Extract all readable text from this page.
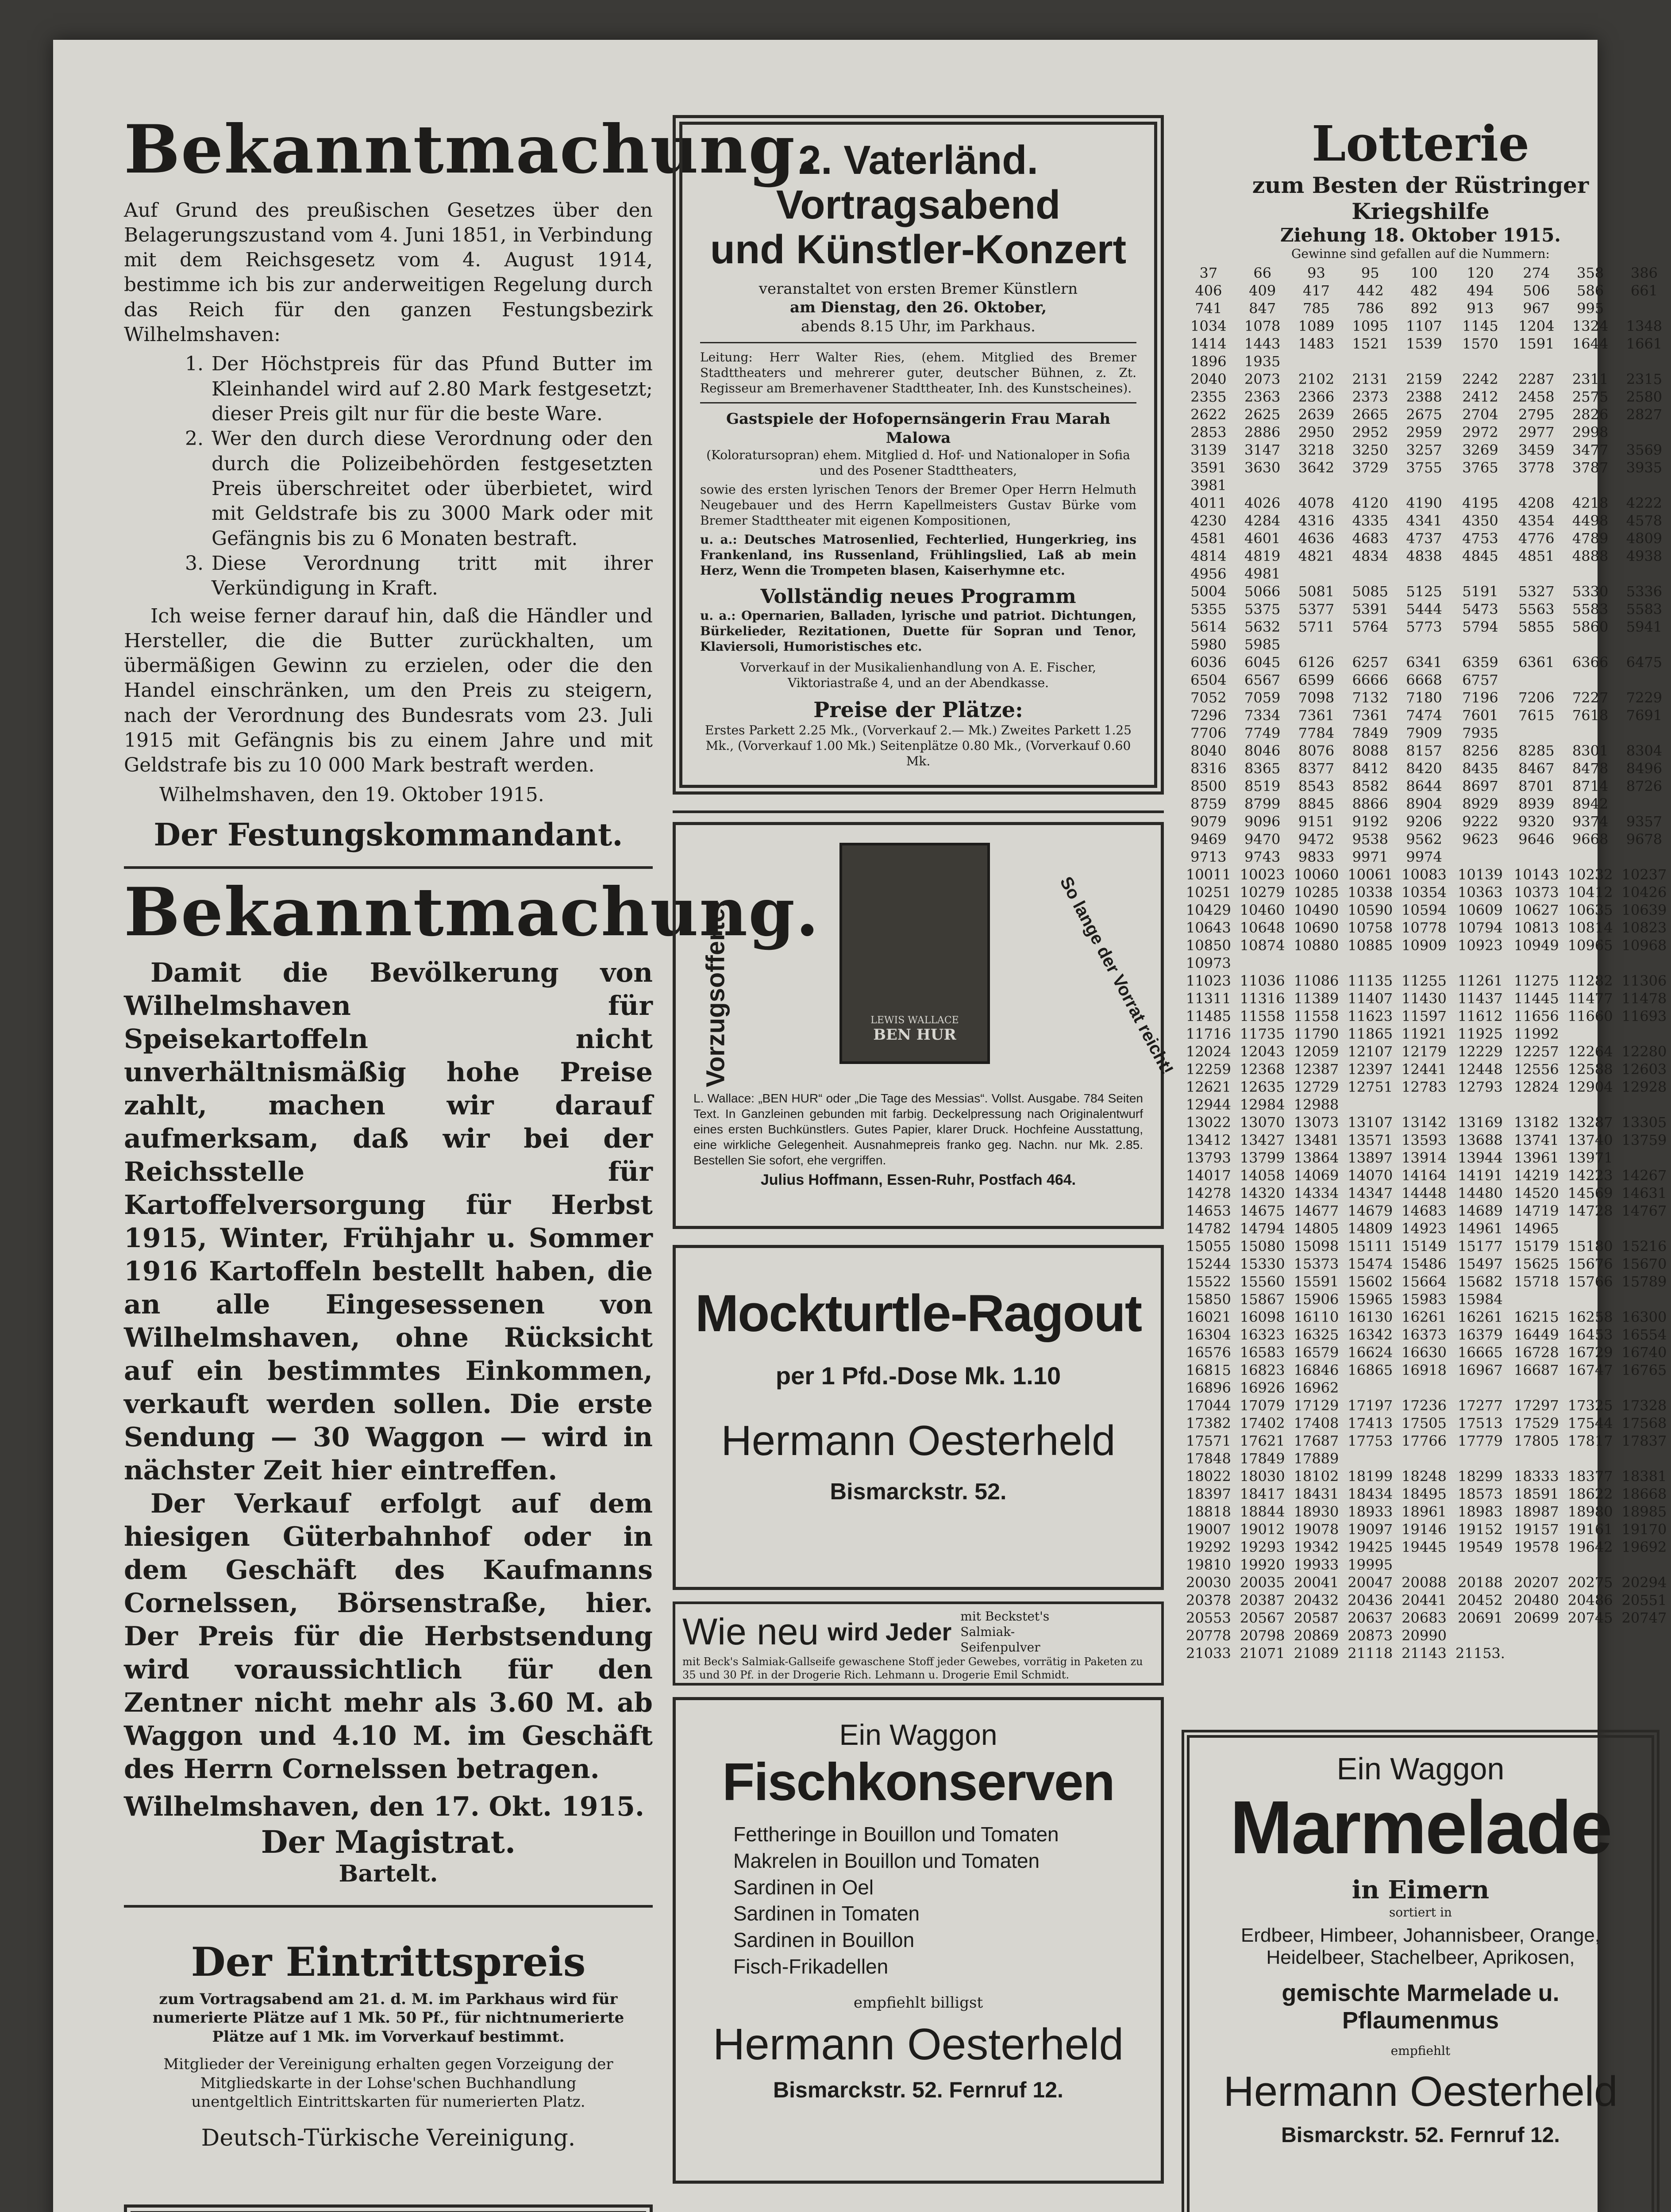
Bekanntmachung.

Auf Grund des preußischen Gesetzes über den Belagerungszustand vom 4. Juni 1851, in Verbindung mit dem Reichsgesetz vom 4. August 1914, bestimme ich bis zur anderweitigen Regelung durch das Reich für den ganzen Festungsbezirk Wilhelmshaven:

1. Der Höchstpreis für das Pfund Butter im Kleinhandel wird auf 2.80 Mark festgesetzt; dieser Preis gilt nur für die beste Ware.
2. Wer den durch diese Verordnung oder den durch die Polizeibehörden festgesetzten Preis überschreitet oder überbietet, wird mit Geldstrafe bis zu 3000 Mark oder mit Gefängnis bis zu 6 Monaten bestraft.
3. Diese Verordnung tritt mit ihrer Verkündigung in Kraft.

Ich weise ferner darauf hin, daß die Händler und Hersteller, die die Butter zurückhalten, um übermäßigen Gewinn zu erzielen, oder die den Handel einschränken, um den Preis zu steigern, nach der Verordnung des Bundesrats vom 23. Juli 1915 mit Gefängnis bis zu einem Jahre und mit Geldstrafe bis zu 10 000 Mark bestraft werden.

Wilhelmshaven, den 19. Oktober 1915.

Der Festungskommandant.

Bekanntmachung.

Damit die Bevölkerung von Wilhelmshaven für Speisekartoffeln nicht unverhältnismäßig hohe Preise zahlt, machen wir darauf aufmerksam, daß wir bei der Reichsstelle für Kartoffelversorgung für Herbst 1915, Winter, Frühjahr u. Sommer 1916 Kartoffeln bestellt haben, die an alle Eingesessenen von Wilhelmshaven, ohne Rücksicht auf ein bestimmtes Einkommen, verkauft werden sollen. Die erste Sendung — 30 Waggon — wird in nächster Zeit hier eintreffen.

Der Verkauf erfolgt auf dem hiesigen Güterbahnhof oder in dem Geschäft des Kaufmanns Cornelssen, Börsenstraße, hier. Der Preis für die Herbstsendung wird voraussichtlich für den Zentner nicht mehr als 3.60 M. ab Waggon und 4.10 M. im Geschäft des Herrn Cornelssen betragen.

Wilhelmshaven, den 17. Okt. 1915.

Der Magistrat.

Bartelt.

Der Eintrittspreis

zum Vortragsabend am 21. d. M. im Parkhaus wird für numerierte Plätze auf 1 Mk. 50 Pf., für nichtnumerierte Plätze auf 1 Mk. im Vorverkauf bestimmt.

Mitglieder der Vereinigung erhalten gegen Vorzeigung der Mitgliedskarte in der Lohse'schen Buchhandlung unentgeltlich Eintrittskarten für numerierten Platz.

Deutsch-Türkische Vereinigung.

2. Vaterländ. Vortragsabend

und Künstler-Konzert

veranstaltet von ersten Bremer Künstlern

am Dienstag, den 26. Oktober,

abends 8.15 Uhr, im Parkhaus.

Leitung: Herr Walter Ries, (ehem. Mitglied des Bremer Stadttheaters und mehrerer guter, deutscher Bühnen, z. Zt. Regisseur am Bremerhavener Stadttheater, Inh. des Kunstscheines).

Gastspiele der Hofopernsängerin Frau Marah Malowa

(Koloratursopran) ehem. Mitglied d. Hof- und Nationaloper in Sofia und des Posener Stadttheaters,

sowie des ersten lyrischen Tenors der Bremer Oper Herrn Helmuth Neugebauer und des Herrn Kapellmeisters Gustav Bürke vom Bremer Stadttheater mit eigenen Kompositionen,

u. a.: Deutsches Matrosenlied, Fechterlied, Hungerkrieg, ins Frankenland, ins Russenland, Frühlingslied, Laß ab mein Herz, Wenn die Trompeten blasen, Kaiserhymne etc.

Vollständig neues Programm

u. a.: Opernarien, Balladen, lyrische und patriot. Dichtungen, Bürkelieder, Rezitationen, Duette für Sopran und Tenor, Klaviersoli, Humoristisches etc.

Vorverkauf in der Musikalienhandlung von A. E. Fischer, Viktoriastraße 4, und an der Abendkasse.

Preise der Plätze:

Erstes Parkett 2.25 Mk., (Vorverkauf 2.— Mk.) Zweites Parkett 1.25 Mk., (Vorverkauf 1.00 Mk.) Seitenplätze 0.80 Mk., (Vorverkauf 0.60 Mk.

Vorzugsofferte!	LEWIS WALLACE
BEN HUR	So lange der Vorrat reicht!

L. Wallace: „BEN HUR“ oder „Die Tage des Messias“. Vollst. Ausgabe. 784 Seiten Text. In Ganzleinen gebunden mit farbig. Deckelpressung nach Originalentwurf eines ersten Buchkünstlers. Gutes Papier, klarer Druck. Hochfeine Ausstattung, eine wirkliche Gelegenheit. Ausnahmepreis franko geg. Nachn. nur Mk. 2.85. Bestellen Sie sofort, ehe vergriffen.

Julius Hoffmann, Essen-Ruhr, Postfach 464.

Mockturtle-Ragout

per 1 Pfd.-Dose Mk. 1.10

Hermann Oesterheld

Bismarckstr. 52.

Wie neu wird Jeder
mit Beckstet's Salmiak-Seifenpulver

mit Beck's Salmiak-Gallseife gewaschene Stoff jeder Gewebes, vorrätig in Paketen zu 35 und 30 Pf. in der Drogerie Rich. Lehmann u. Drogerie Emil Schmidt.

Ein Waggon

Fischkonserven

Fettheringe in Bouillon und Tomaten
Makrelen in Bouillon und Tomaten
Sardinen in Oel
Sardinen in Tomaten
Sardinen in Bouillon
Fisch-Frikadellen

empfiehlt billigst

Hermann Oesterheld

Bismarckstr. 52. Fernruf 12.

Lotterie

zum Besten der Rüstringer Kriegshilfe

Ziehung 18. Oktober 1915.

Gewinne sind gefallen auf die Nummern:

37	66	93	95	100	120	274	358	386
406	409	417	442	482	494	506	586	661
741	847	785	786	892	913	967	995	
1034	1078	1089	1095	1107	1145	1204	1324	1348
1414	1443	1483	1521	1539	1570	1591	1644	1661
1896	1935							
2040	2073	2102	2131	2159	2242	2287	2311	2315
2355	2363	2366	2373	2388	2412	2458	2575	2580
2622	2625	2639	2665	2675	2704	2795	2826	2827
2853	2886	2950	2952	2959	2972	2977	2998	
3139	3147	3218	3250	3257	3269	3459	3477	3569
3591	3630	3642	3729	3755	3765	3778	3787	3935
3981								
4011	4026	4078	4120	4190	4195	4208	4218	4222
4230	4284	4316	4335	4341	4350	4354	4498	4578
4581	4601	4636	4683	4737	4753	4776	4789	4809
4814	4819	4821	4834	4838	4845	4851	4888	4938
4956	4981							
5004	5066	5081	5085	5125	5191	5327	5330	5336
5355	5375	5377	5391	5444	5473	5563	5583	5583
5614	5632	5711	5764	5773	5794	5855	5860	5941
5980	5985							
6036	6045	6126	6257	6341	6359	6361	6366	6475
6504	6567	6599	6666	6668	6757			
7052	7059	7098	7132	7180	7196	7206	7227	7229
7296	7334	7361	7361	7474	7601	7615	7618	7691
7706	7749	7784	7849	7909	7935			
8040	8046	8076	8088	8157	8256	8285	8301	8304
8316	8365	8377	8412	8420	8435	8467	8478	8496
8500	8519	8543	8582	8644	8697	8701	8714	8726
8759	8799	8845	8866	8904	8929	8939	8942	
9079	9096	9151	9192	9206	9222	9320	9374	9357
9469	9470	9472	9538	9562	9623	9646	9668	9678
9713	9743	9833	9971	9974				
10011	10023	10060	10061	10083	10139	10143	10232	10237
10251	10279	10285	10338	10354	10363	10373	10412	10426
10429	10460	10490	10590	10594	10609	10627	10635	10639
10643	10648	10690	10758	10778	10794	10813	10814	10823
10850	10874	10880	10885	10909	10923	10949	10965	10968
10973								
11023	11036	11086	11135	11255	11261	11275	11282	11306
11311	11316	11389	11407	11430	11437	11445	11477	11478
11485	11558	11558	11623	11597	11612	11656	11660	11693
11716	11735	11790	11865	11921	11925	11992		
12024	12043	12059	12107	12179	12229	12257	12264	12280
12259	12368	12387	12397	12441	12448	12556	12588	12603
12621	12635	12729	12751	12783	12793	12824	12904	12928
12944	12984	12988						
13022	13070	13073	13107	13142	13169	13182	13287	13305
13412	13427	13481	13571	13593	13688	13741	13740	13759
13793	13799	13864	13897	13914	13944	13961	13971	
14017	14058	14069	14070	14164	14191	14219	14223	14267
14278	14320	14334	14347	14448	14480	14520	14569	14631
14653	14675	14677	14679	14683	14689	14719	14728	14767
14782	14794	14805	14809	14923	14961	14965		
15055	15080	15098	15111	15149	15177	15179	15180	15216
15244	15330	15373	15474	15486	15497	15625	15676	15670
15522	15560	15591	15602	15664	15682	15718	15766	15789
15850	15867	15906	15965	15983	15984			
16021	16098	16110	16130	16261	16261	16215	16258	16300
16304	16323	16325	16342	16373	16379	16449	16453	16554
16576	16583	16579	16624	16630	16665	16728	16729	16740
16815	16823	16846	16865	16918	16967	16687	16747	16765
16896	16926	16962						
17044	17079	17129	17197	17236	17277	17297	17325	17328
17382	17402	17408	17413	17505	17513	17529	17544	17568
17571	17621	17687	17753	17766	17779	17805	17817	17837
17848	17849	17889						
18022	18030	18102	18199	18248	18299	18333	18377	18381
18397	18417	18431	18434	18495	18573	18591	18622	18668
18818	18844	18930	18933	18961	18983	18987	18980	18985
19007	19012	19078	19097	19146	19152	19157	19161	19170
19292	19293	19342	19425	19445	19549	19578	19642	19692
19810	19920	19933	19995					
20030	20035	20041	20047	20088	20188	20207	20275	20294
20378	20387	20432	20436	20441	20452	20480	20486	20551
20553	20567	20587	20637	20683	20691	20699	20745	20747
20778	20798	20869	20873	20990				
21033	21071	21089	21118	21143	21153.			

Ein Waggon

Marmelade

in Eimern

sortiert in

Erdbeer, Himbeer, Johannisbeer, Orange,

Heidelbeer, Stachelbeer, Aprikosen,

gemischte Marmelade u. Pflaumenmus

empfiehlt

Hermann Oesterheld

Bismarckstr. 52. Fernruf 12.
